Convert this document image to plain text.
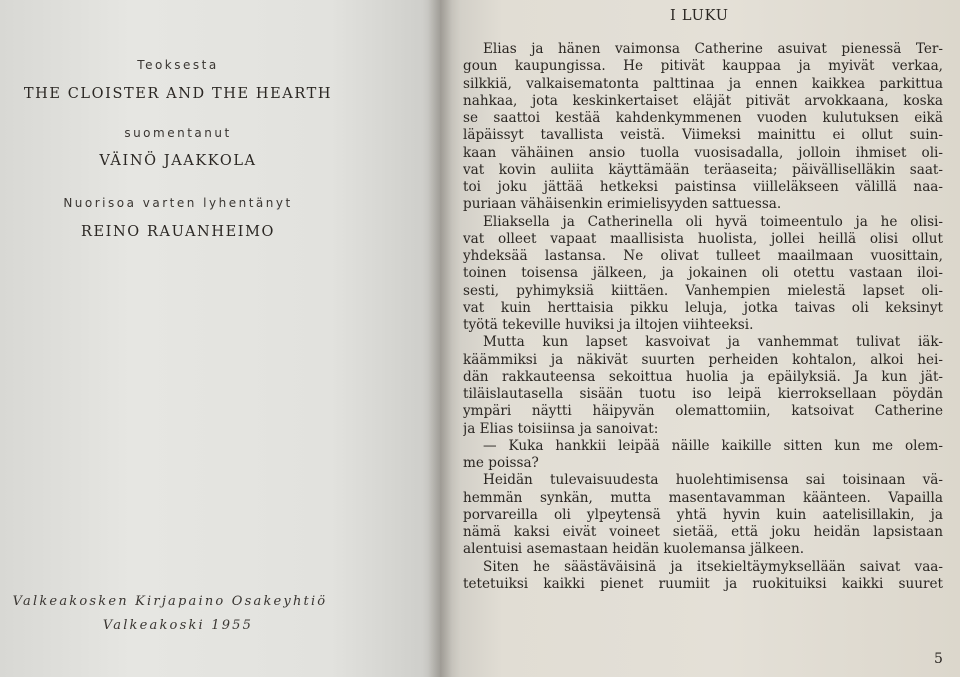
Teoksesta
THE CLOISTER AND THE HEARTH
suomentanut
VÄINÖ JAAKKOLA
Nuorisoa varten lyhentänyt
REINO RAUANHEIMO
Valkeakosken Kirjapaino Osakeyhtiö
Valkeakoski 1955
I LUKU
Elias ja hänen vaimonsa Catherine asuivat pienessä Ter-
goun kaupungissa. He pitivät kauppaa ja myivät verkaa,
silkkiä, valkaisematonta palttinaa ja ennen kaikkea parkittua
nahkaa, jota keskinkertaiset eläjät pitivät arvokkaana, koska
se saattoi kestää kahdenkymmenen vuoden kulutuksen eikä
läpäissyt tavallista veistä. Viimeksi mainittu ei ollut suin-
kaan vähäinen ansio tuolla vuosisadalla, jolloin ihmiset oli-
vat kovin auliita käyttämään teräaseita; päivälliselläkin saat-
toi joku jättää hetkeksi paistinsa viilleläkseen välillä naa-
puriaan vähäisenkin erimielisyyden sattuessa.
Eliaksella ja Catherinella oli hyvä toimeentulo ja he olisi-
vat olleet vapaat maallisista huolista, jollei heillä olisi ollut
yhdeksää lastansa. Ne olivat tulleet maailmaan vuosittain,
toinen toisensa jälkeen, ja jokainen oli otettu vastaan iloi-
sesti, pyhimyksiä kiittäen. Vanhempien mielestä lapset oli-
vat kuin herttaisia pikku leluja, jotka taivas oli keksinyt
työtä tekeville huviksi ja iltojen viihteeksi.
Mutta kun lapset kasvoivat ja vanhemmat tulivat iäk-
käämmiksi ja näkivät suurten perheiden kohtalon, alkoi hei-
dän rakkauteensa sekoittua huolia ja epäilyksiä. Ja kun jät-
tiläislautasella sisään tuotu iso leipä kierroksellaan pöydän
ympäri näytti häipyvän olemattomiin, katsoivat Catherine
ja Elias toisiinsa ja sanoivat:
— Kuka hankkii leipää näille kaikille sitten kun me olem-
me poissa?
Heidän tulevaisuudesta huolehtimisensa sai toisinaan vä-
hemmän synkän, mutta masentavamman käänteen. Vapailla
porvareilla oli ylpeytensä yhtä hyvin kuin aatelisillakin, ja
nämä kaksi eivät voineet sietää, että joku heidän lapsistaan
alentuisi asemastaan heidän kuolemansa jälkeen.
Siten he säästäväisinä ja itsekieltäymyksellään saivat vaa-
tetetuiksi kaikki pienet ruumiit ja ruokituiksi kaikki suuret
5
